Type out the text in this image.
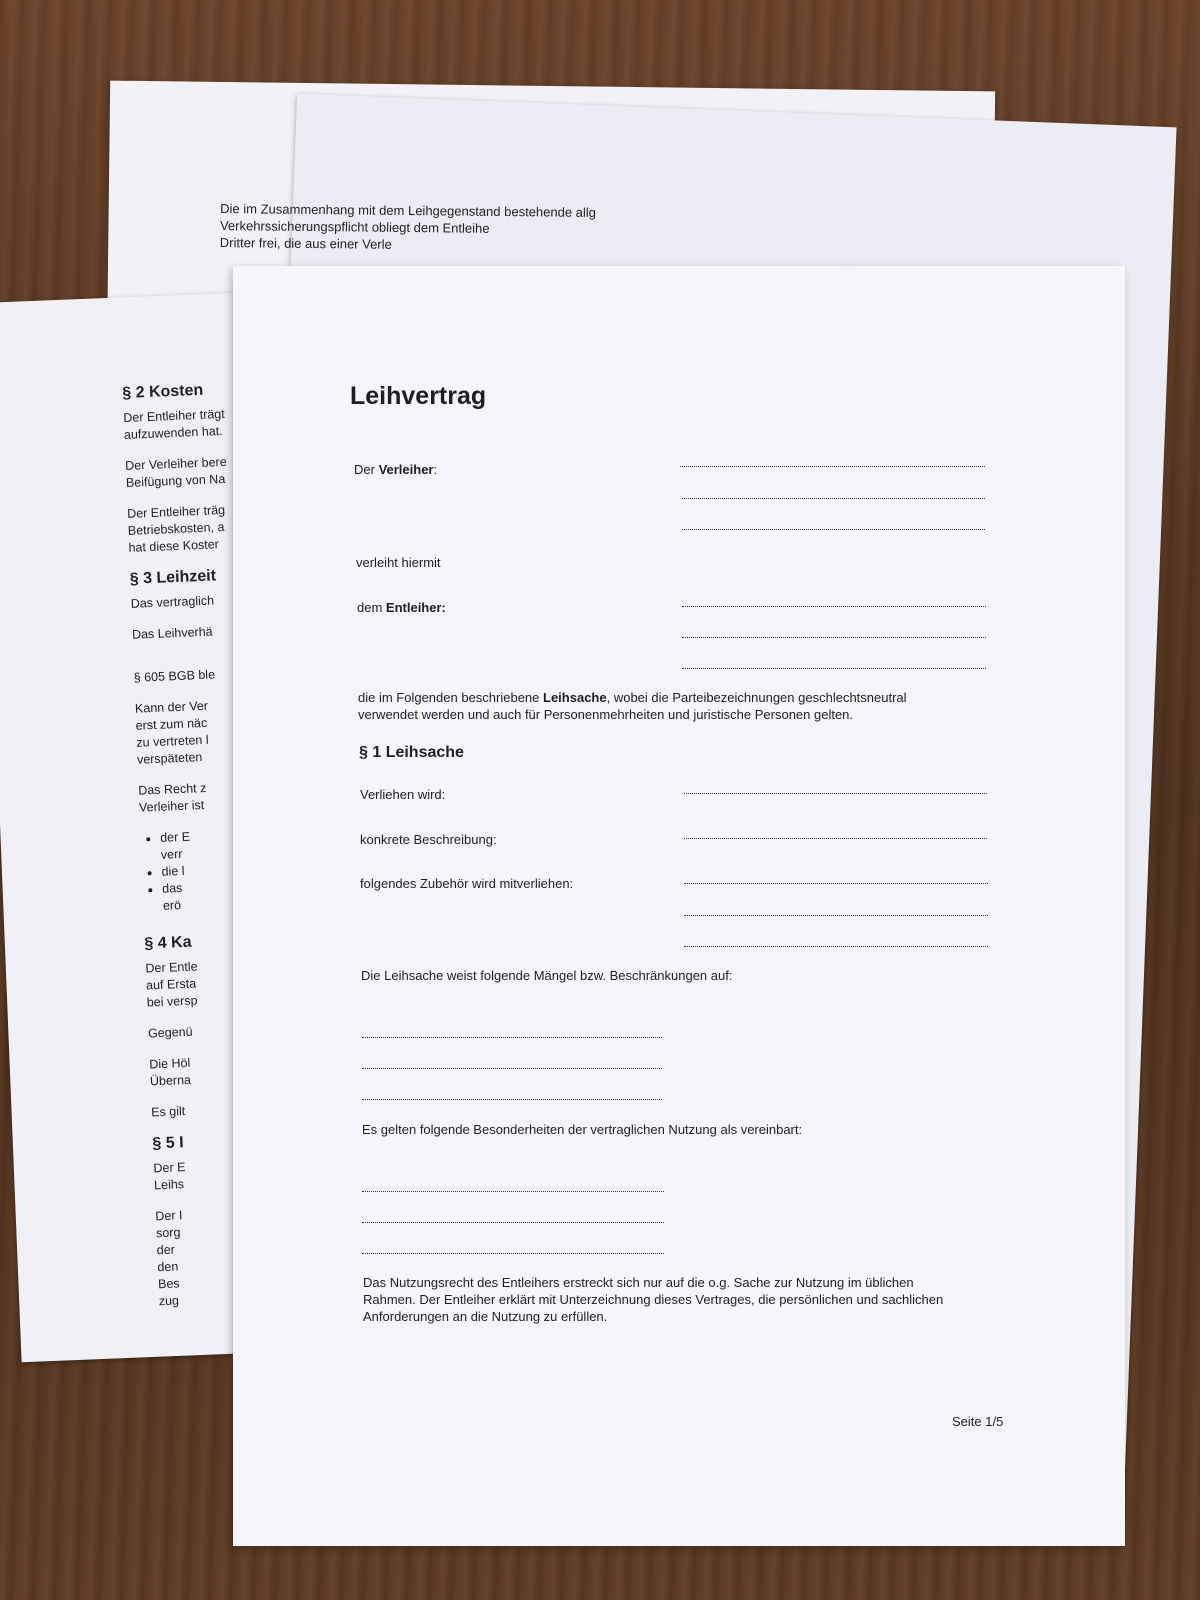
Die im Zusammenhang mit dem Leihgegenstand bestehende allg
Verkehrssicherungspflicht obliegt dem Entleihe
Dritter frei, die aus einer Verle
§ 2 Kosten

Der Entleiher trägt
aufzuwenden hat.

Der Verleiher bere
Beifügung von Na

Der Entleiher träg
Betriebskosten, a
hat diese Koster

§ 3 Leihzeit

Das vertraglich

Das Leihverhä

§ 605 BGB ble

Kann der Ver
erst zum näc
zu vertreten l
verspäteten

Das Recht z
Verleiher ist

• der E
verr
• die l
• das
erö
§ 4 Ka

Der Entle
auf Ersta
bei versp

Gegenü

Die Höl
Überna

Es gilt

§ 5 I

Der E
Leihs

Der I
sorg
der
den
Bes
zug

Leihvertrag
Der Verleiher:
verleiht hiermit
dem Entleiher:
die im Folgenden beschriebene Leihsache, wobei die Parteibezeichnungen geschlechtsneutral
verwendet werden und auch für Personenmehrheiten und juristische Personen gelten.
§ 1 Leihsache
Verliehen wird:
konkrete Beschreibung:
folgendes Zubehör wird mitverliehen:
Die Leihsache weist folgende Mängel bzw. Beschränkungen auf:
Es gelten folgende Besonderheiten der vertraglichen Nutzung als vereinbart:
Das Nutzungsrecht des Entleihers erstreckt sich nur auf die o.g. Sache zur Nutzung im üblichen
Rahmen. Der Entleiher erklärt mit Unterzeichnung dieses Vertrages, die persönlichen und sachlichen
Anforderungen an die Nutzung zu erfüllen.
Seite 1/5
